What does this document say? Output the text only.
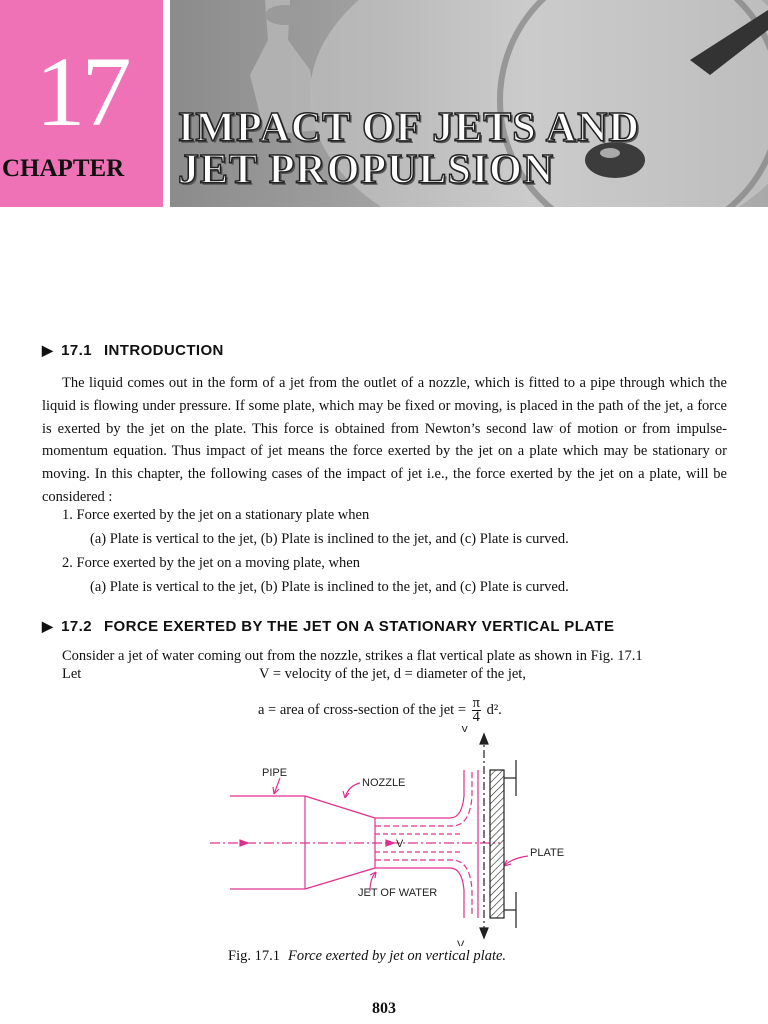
17
CHAPTER
IMPACT OF JETS AND
JET PROPULSION
▶ 17.1 INTRODUCTION
The liquid comes out in the form of a jet from the outlet of a nozzle, which is fitted to a pipe through which the liquid is flowing under pressure. If some plate, which may be fixed or moving, is placed in the path of the jet, a force is exerted by the jet on the plate. This force is obtained from Newton’s second law of motion or from impulse-momentum equation. Thus impact of jet means the force exerted by the jet on a plate which may be stationary or moving. In this chapter, the following cases of the impact of jet i.e., the force exerted by the jet on a plate, will be considered :
1. Force exerted by the jet on a stationary plate when
(a) Plate is vertical to the jet, (b) Plate is inclined to the jet, and (c) Plate is curved.
2. Force exerted by the jet on a moving plate, when
(a) Plate is vertical to the jet, (b) Plate is inclined to the jet, and (c) Plate is curved.
▶ 17.2 FORCE EXERTED BY THE JET ON A STATIONARY VERTICAL PLATE
Consider a jet of water coming out from the nozzle, strikes a flat vertical plate as shown in Fig. 17.1
Let	V = velocity of the jet, d = diameter of the jet,
a = area of cross-section of the jet = $\frac{\pi}{4} d^2$.
PIPE
NOZZLE
PLATE
JET OF WATER
V
V
V
Fig. 17.1 Force exerted by jet on vertical plate.
803
